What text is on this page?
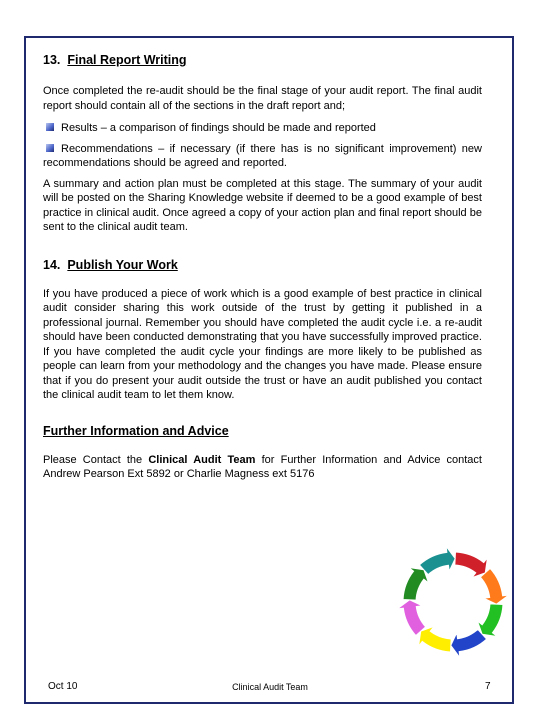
13. Final Report Writing

Once completed the re-audit should be the final stage of your audit report. The final audit report should contain all of the sections in the draft report and;

Results – a comparison of findings should be made and reported

Recommendations – if necessary (if there has is no significant improvement) new recommendations should be agreed and reported.

A summary and action plan must be completed at this stage. The summary of your audit will be posted on the Sharing Knowledge website if deemed to be a good example of best practice in clinical audit. Once agreed a copy of your action plan and final report should be sent to the clinical audit team.

14. Publish Your Work

If you have produced a piece of work which is a good example of best practice in clinical audit consider sharing this work outside of the trust by getting it published in a professional journal. Remember you should have completed the audit cycle i.e. a re-audit should have been conducted demonstrating that you have successfully improved practice. If you have completed the audit cycle your findings are more likely to be published as people can learn from your methodology and the changes you have made. Please ensure that if you do present your audit outside the trust or have an audit published you contact the clinical audit team to let them know.

Further Information and Advice

Please Contact the Clinical Audit Team for Further Information and Advice contact Andrew Pearson Ext 5892 or Charlie Magness ext 5176

Oct 10	Clinical Audit Team	7
